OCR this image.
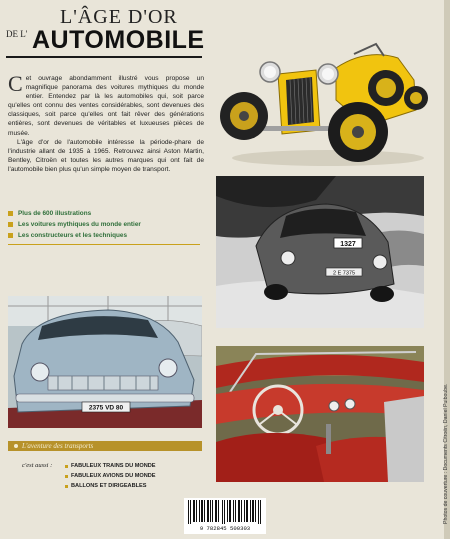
L'ÂGE D'OR
DE L' AUTOMOBILE

Cet ouvrage abondamment illustré vous propose un magnifique panorama des voitures mythiques du monde entier. Entendez par là les automobiles qui, soit parce qu'elles ont connu des ventes considérables, sont devenues des classiques, soit parce qu'elles ont fait rêver des générations entières, sont devenues de véritables et luxueuses pièces de musée.

L'âge d'or de l'automobile intéresse la période-phare de l'industrie allant de 1935 à 1965. Retrouvez ainsi Aston Martin, Bentley, Citroën et toutes les autres marques qui ont fait de l'automobile bien plus qu'un simple moyen de transport.

Plus de 600 illustrations
Les voitures mythiques du monde entier
Les constructeurs et les techniques
1327
2 E 7375
2375 VD 80
L'aventure des transports
c'est aussi :	FABULEUX TRAINS DU MONDE
FABULEUX AVIONS DU MONDE
BALLONS ET DIRIGEABLES
9 782845 500303
Photos de couverture : Documents Citroën, Daniel Puiboube.
